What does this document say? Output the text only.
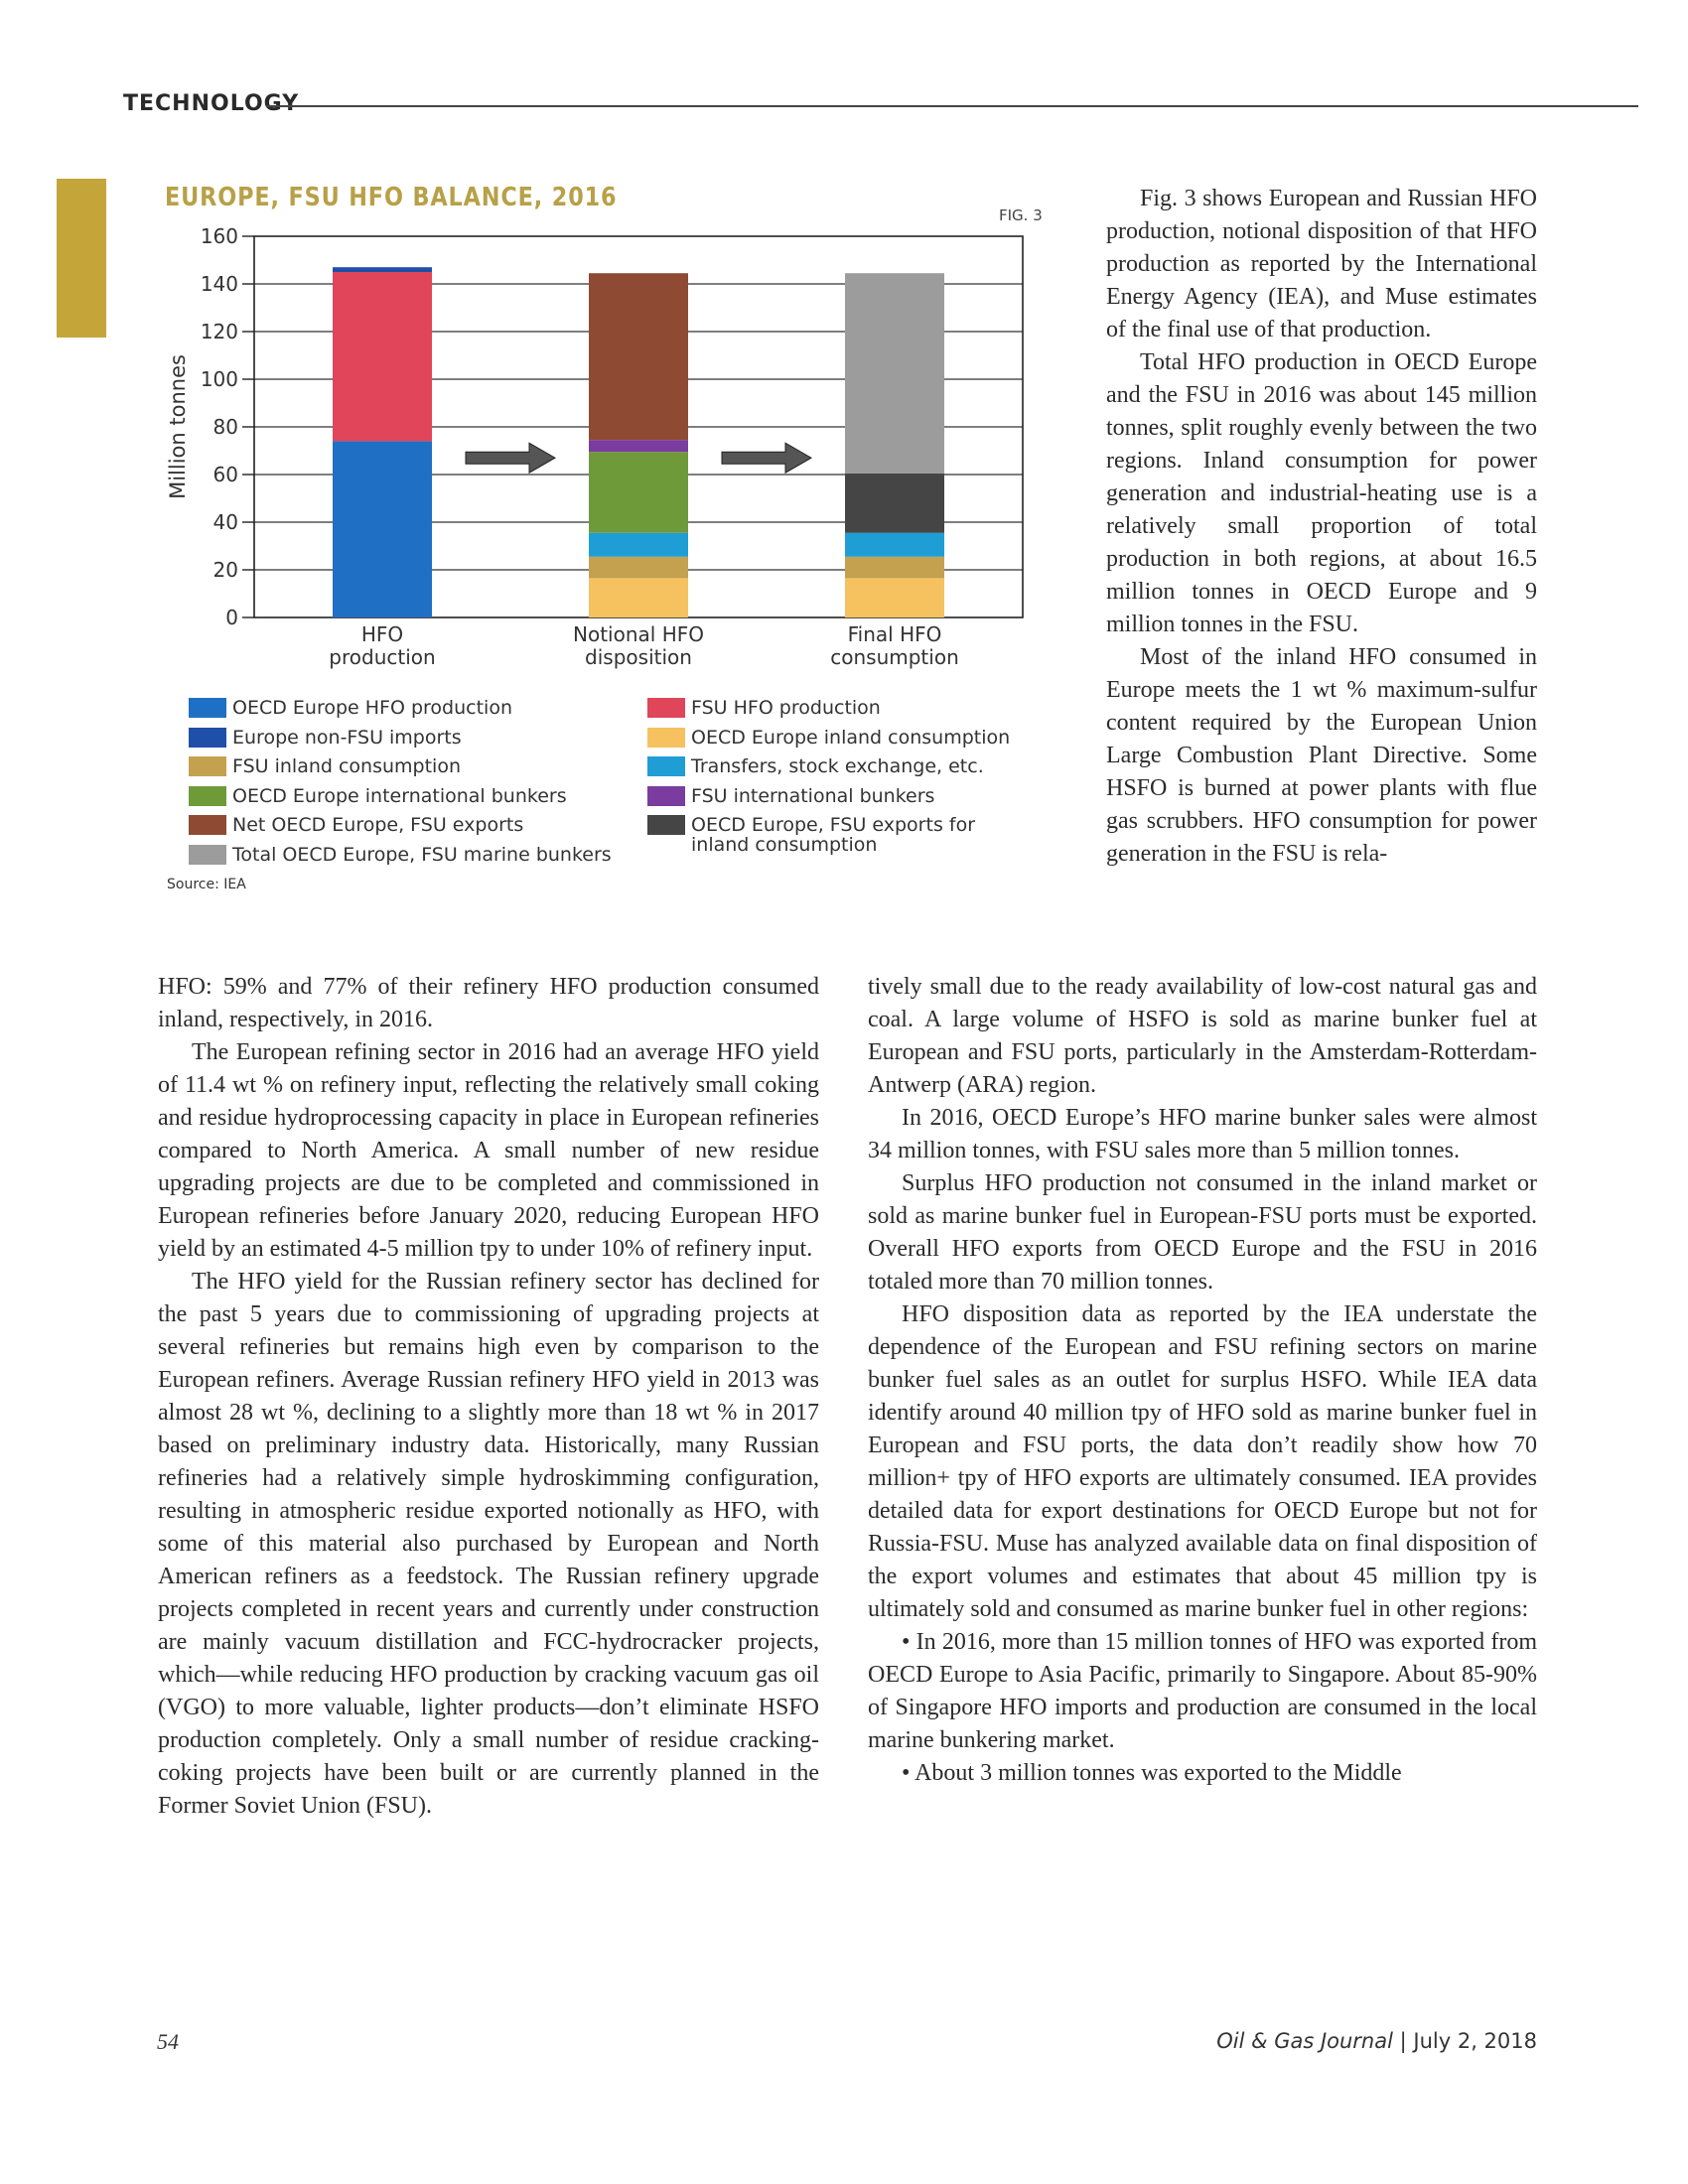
TECHNOLOGY
EUROPE, FSU HFO BALANCE, 2016
FIG. 3
0
20
40
60
80
100
120
140
160
Million tonnes
HFO
production
Notional HFO
disposition
Final HFO
consumption
OECD Europe HFO production
Europe non-FSU imports
FSU inland consumption
OECD Europe international bunkers
Net OECD Europe, FSU exports
Total OECD Europe, FSU marine bunkers
FSU HFO production
OECD Europe inland consumption
Transfers, stock exchange, etc.
FSU international bunkers
OECD Europe, FSU exports for
inland consumption
Source: IEA

Fig. 3 shows European and Russian HFO production, notional disposition of that HFO production as reported by the International Energy Agency (IEA), and Muse estimates of the final use of that production.

Total HFO production in OECD Europe and the FSU in 2016 was about 145 million tonnes, split roughly evenly between the two regions. Inland consumption for power generation and industrial-heating use is a relatively small proportion of total production in both regions, at about 16.5 million tonnes in OECD Europe and 9 million tonnes in the FSU.

Most of the inland HFO consumed in Europe meets the 1 wt % maximum-sulfur content required by the European Union Large Combustion Plant Directive. Some HSFO is burned at power plants with flue gas scrubbers. HFO consumption for power generation in the FSU is rela-

HFO: 59% and 77% of their refinery HFO production consumed inland, respectively, in 2016.

The European refining sector in 2016 had an average HFO yield of 11.4 wt % on refinery input, reflecting the relatively small coking and residue hydroprocessing capacity in place in European refineries compared to North America. A small number of new residue upgrading projects are due to be completed and commissioned in European refineries before January 2020, reducing European HFO yield by an estimated 4-5 million tpy to under 10% of refinery input.

The HFO yield for the Russian refinery sector has declined for the past 5 years due to commissioning of upgrading projects at several refineries but remains high even by comparison to the European refiners. Average Russian refinery HFO yield in 2013 was almost 28 wt %, declining to a slightly more than 18 wt % in 2017 based on preliminary industry data. Historically, many Russian refineries had a relatively simple hydroskimming configuration, resulting in atmospheric residue exported notionally as HFO, with some of this material also purchased by European and North American refiners as a feedstock. The Russian refinery upgrade projects completed in recent years and currently under construction are mainly vacuum distillation and FCC-hydrocracker projects, which—while reducing HFO production by cracking vacuum gas oil (VGO) to more valuable, lighter products—don’t eliminate HSFO production completely. Only a small number of residue cracking-coking projects have been built or are currently planned in the Former Soviet Union (FSU).

tively small due to the ready availability of low-cost natural gas and coal. A large volume of HSFO is sold as marine bunker fuel at European and FSU ports, particularly in the Amsterdam-Rotterdam-Antwerp (ARA) region.

In 2016, OECD Europe’s HFO marine bunker sales were almost 34 million tonnes, with FSU sales more than 5 million tonnes.

Surplus HFO production not consumed in the inland market or sold as marine bunker fuel in European-FSU ports must be exported. Overall HFO exports from OECD Europe and the FSU in 2016 totaled more than 70 million tonnes.

HFO disposition data as reported by the IEA understate the dependence of the European and FSU refining sectors on marine bunker fuel sales as an outlet for surplus HSFO. While IEA data identify around 40 million tpy of HFO sold as marine bunker fuel in European and FSU ports, the data don’t readily show how 70 million+ tpy of HFO exports are ultimately consumed. IEA provides detailed data for export destinations for OECD Europe but not for Russia-FSU. Muse has analyzed available data on final disposition of the export volumes and estimates that about 45 million tpy is ultimately sold and consumed as marine bunker fuel in other regions:

• In 2016, more than 15 million tonnes of HFO was exported from OECD Europe to Asia Pacific, primarily to Singapore. About 85-90% of Singapore HFO imports and production are consumed in the local marine bunkering market.

• About 3 million tonnes was exported to the Middle

54	Oil & Gas Journal | July 2, 2018
